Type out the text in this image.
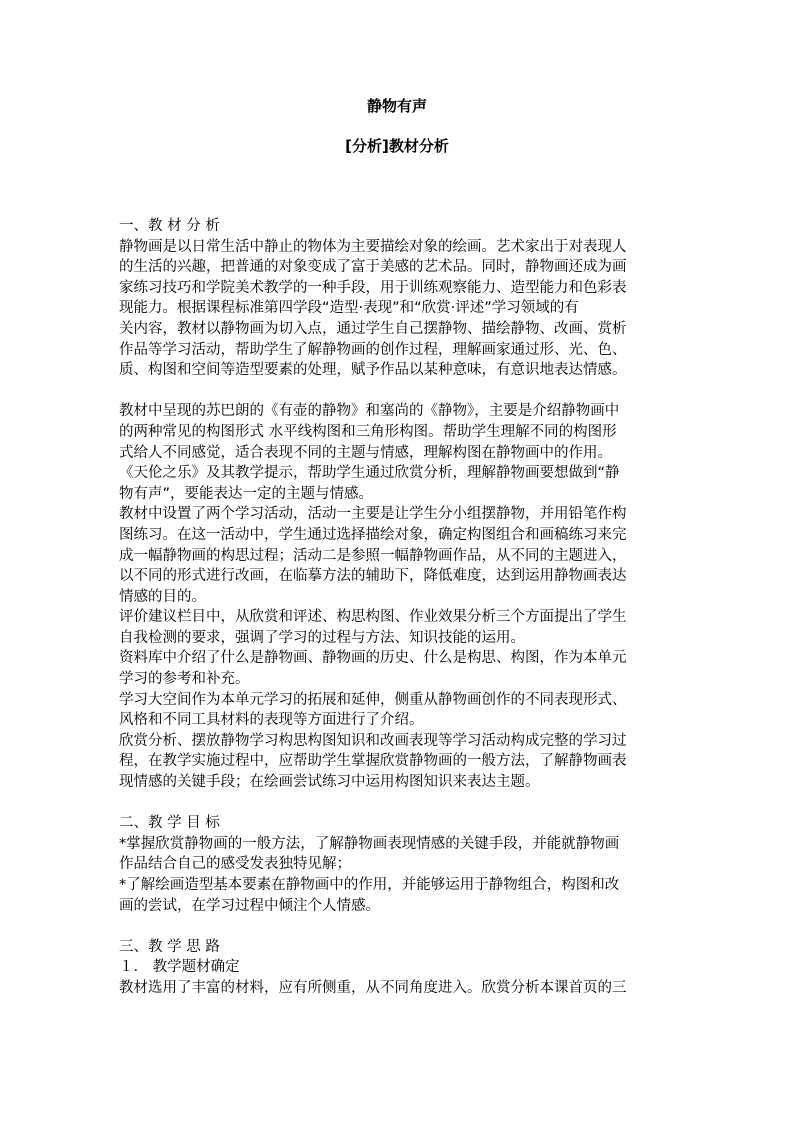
静物有声
[分析]教材分析
一、教 材 分 析
静物画是以日常生活中静止的物体为主要描绘对象的绘画。艺术家出于对表现人
的生活的兴趣，把普通的对象变成了富于美感的艺术品。同时，静物画还成为画
家练习技巧和学院美术教学的一种手段，用于训练观察能力、造型能力和色彩表
现能力。根据课程标准第四学段“造型·表现”和“欣赏·评述”学习领域的有
关内容，教材以静物画为切入点，通过学生自己摆静物、描绘静物、改画、赏析
作品等学习活动，帮助学生了解静物画的创作过程，理解画家通过形、光、色、
质、构图和空间等造型要素的处理，赋予作品以某种意味，有意识地表达情感。
教材中呈现的苏巴朗的《有壶的静物》和塞尚的《静物》，主要是介绍静物画中
的两种常见的构图形式 水平线构图和三角形构图。帮助学生理解不同的构图形
式给人不同感觉，适合表现不同的主题与情感，理解构图在静物画中的作用。
《天伦之乐》及其教学提示，帮助学生通过欣赏分析，理解静物画要想做到“静
物有声”，要能表达一定的主题与情感。
教材中设置了两个学习活动，活动一主要是让学生分小组摆静物，并用铅笔作构
图练习。在这一活动中，学生通过选择描绘对象，确定构图组合和画稿练习来完
成一幅静物画的构思过程；活动二是参照一幅静物画作品，从不同的主题进入，
以不同的形式进行改画，在临摹方法的辅助下，降低难度，达到运用静物画表达
情感的目的。
评价建议栏目中，从欣赏和评述、构思构图、作业效果分析三个方面提出了学生
自我检测的要求，强调了学习的过程与方法、知识技能的运用。
资料库中介绍了什么是静物画、静物画的历史、什么是构思、构图，作为本单元
学习的参考和补充。
学习大空间作为本单元学习的拓展和延伸，侧重从静物画创作的不同表现形式、
风格和不同工具材料的表现等方面进行了介绍。
欣赏分析、摆放静物学习构思构图知识和改画表现等学习活动构成完整的学习过
程，在教学实施过程中，应帮助学生掌握欣赏静物画的一般方法，了解静物画表
现情感的关键手段；在绘画尝试练习中运用构图知识来表达主题。
二、教 学 目 标
*掌握欣赏静物画的一般方法，了解静物画表现情感的关键手段，并能就静物画
作品结合自己的感受发表独特见解；
*了解绘画造型基本要素在静物画中的作用，并能够运用于静物组合，构图和改
画的尝试，在学习过程中倾注个人情感。
三、教 学 思 路
１． 教学题材确定
教材选用了丰富的材料，应有所侧重，从不同角度进入。欣赏分析本课首页的三
